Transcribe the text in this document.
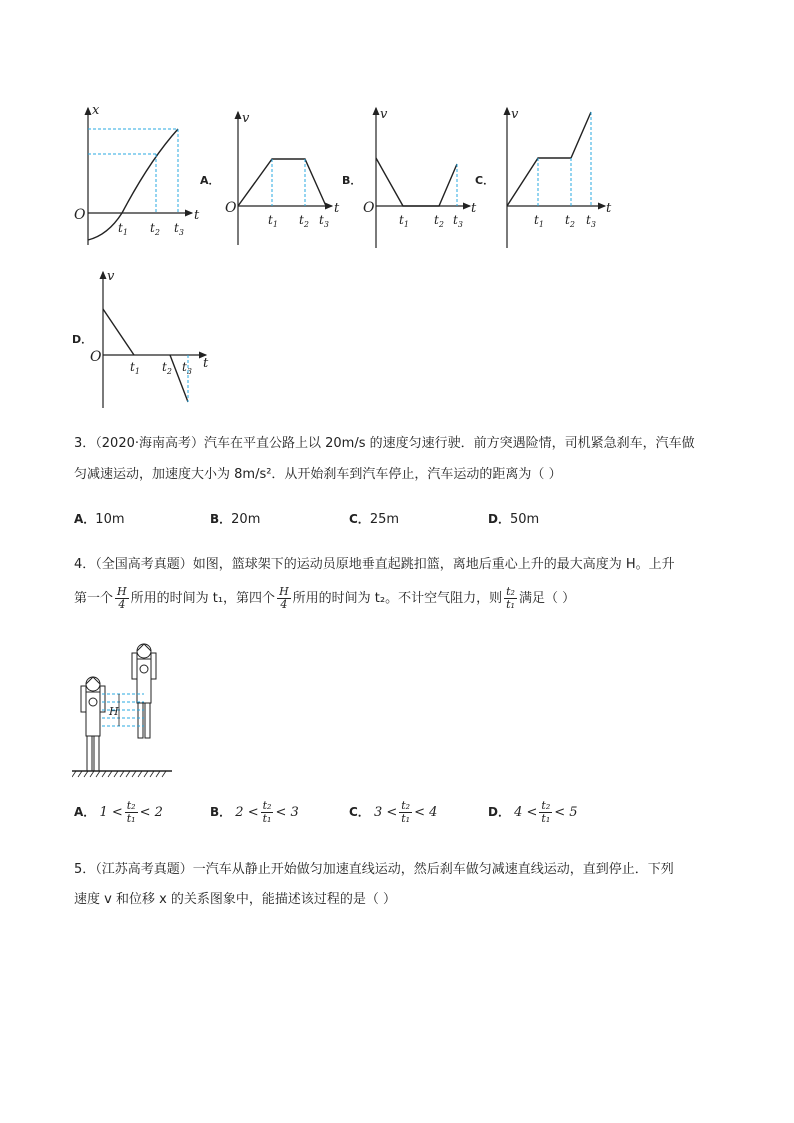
x
O	t
$t_1$ $t_2$ $t_3$
A．
v
O	t
$t_1$ $t_2$ $t_3$
B．
v
O	t
$t_1$ $t_2$ $t_3$
C．
v
t
$t_1$ $t_2$ $t_3$
D．
v
O	t
$t_1$ $t_2$ $t_3$
3．（2020·海南高考）汽车在平直公路上以 20m/s 的速度匀速行驶．前方突遇险情，司机紧急刹车，汽车做
匀减速运动，加速度大小为 8m/s²．从开始刹车到汽车停止，汽车运动的距离为（ ）
A．10m	B．20m	C．25m	D．50m
4．（全国高考真题）如图，篮球架下的运动员原地垂直起跳扣篮，离地后重心上升的最大高度为 H。上升
第一个 $\frac{H}{4}$ 所用的时间为 t₁，第四个 $\frac{H}{4}$ 所用的时间为 t₂。不计空气阻力，则 $\frac{\text{t₂}}{\text{t₁}}$ 满足（ ）
H
A． $1 < \frac{\text{t₂}}{\text{t₁}} < 2$	B． $2 < \frac{\text{t₂}}{\text{t₁}} < 3$	C． $3 < \frac{\text{t₂}}{\text{t₁}} < 4$	D． $4 < \frac{\text{t₂}}{\text{t₁}} < 5$
5．（江苏高考真题）一汽车从静止开始做匀加速直线运动，然后刹车做匀减速直线运动，直到停止．下列
速度 v 和位移 x 的关系图象中，能描述该过程的是（ ）
